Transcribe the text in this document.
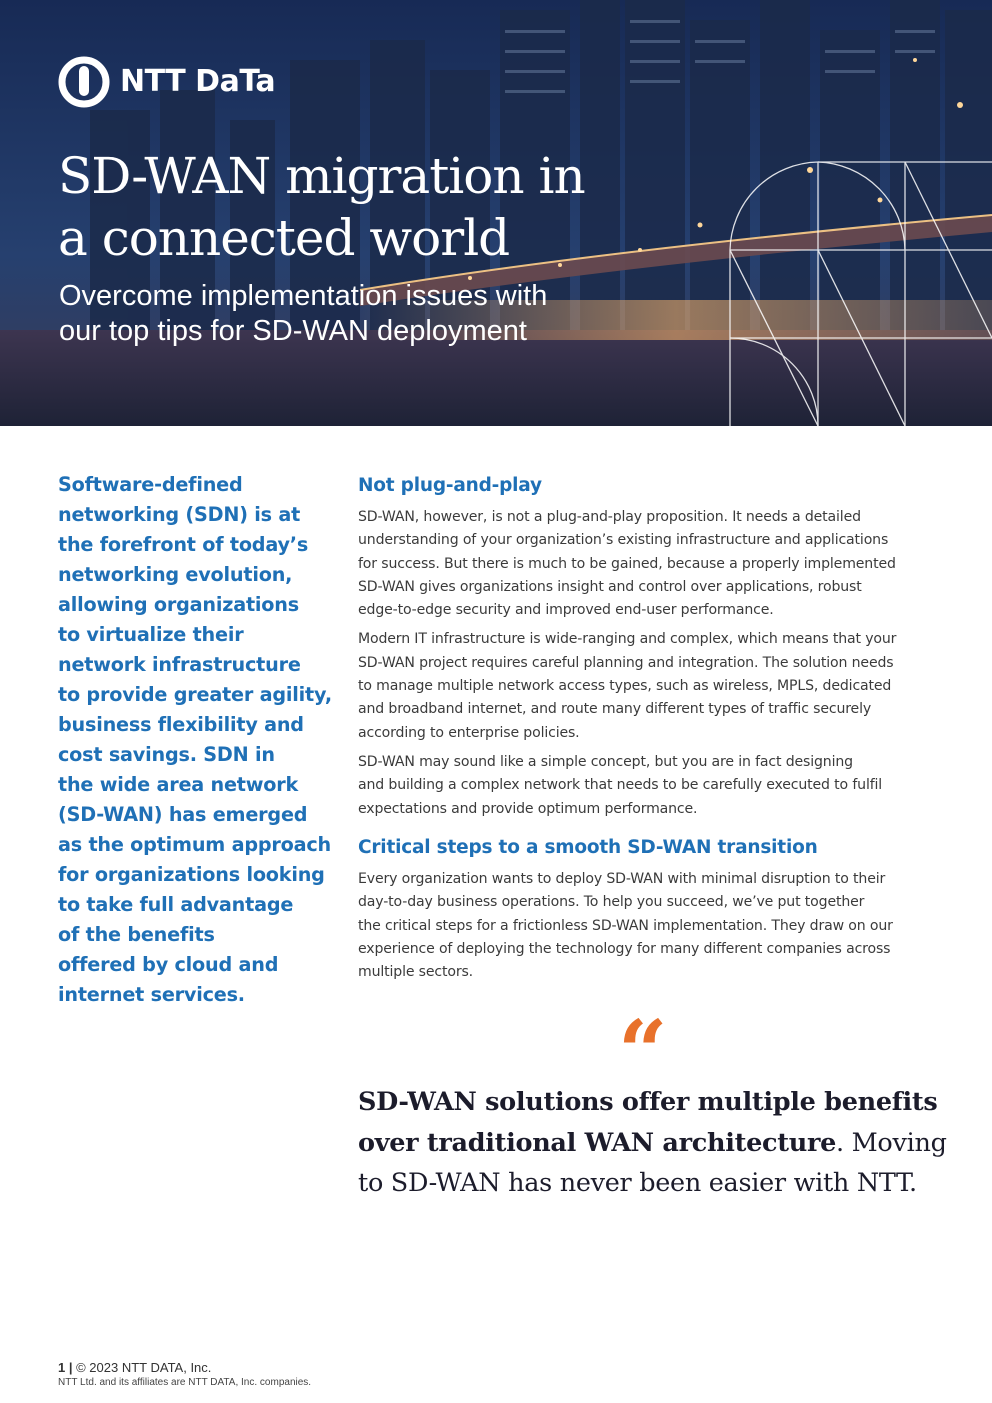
NTT DaTa
SD-WAN migration in
a connected world

Overcome implementation issues with
our top tips for SD-WAN deployment

Software-defined
networking (SDN) is at
the forefront of today’s
networking evolution,
allowing organizations
to virtualize their
network infrastructure
to provide greater agility,
business flexibility and
cost savings. SDN in
the wide area network
(SD-WAN) has emerged
as the optimum approach
for organizations looking
to take full advantage
of the benefits
offered by cloud and
internet services.
Not plug-and-play

SD-WAN, however, is not a plug-and-play proposition. It needs a detailed
understanding of your organization’s existing infrastructure and applications
for success. But there is much to be gained, because a properly implemented
SD-WAN gives organizations insight and control over applications, robust
edge-to-edge security and improved end-user performance.

Modern IT infrastructure is wide-ranging and complex, which means that your
SD-WAN project requires careful planning and integration. The solution needs
to manage multiple network access types, such as wireless, MPLS, dedicated
and broadband internet, and route many different types of traffic securely
according to enterprise policies.

SD-WAN may sound like a simple concept, but you are in fact designing
and building a complex network that needs to be carefully executed to fulfil
expectations and provide optimum performance.

Critical steps to a smooth SD-WAN transition

Every organization wants to deploy SD-WAN with minimal disruption to their
day-to-day business operations. To help you succeed, we’ve put together
the critical steps for a frictionless SD-WAN implementation. They draw on our
experience of deploying the technology for many different companies across
multiple sectors.

“
SD-WAN solutions offer multiple benefits
over traditional WAN architecture. Moving
to SD-WAN has never been easier with NTT.
1 | © 2023 NTT DATA, Inc.
NTT Ltd. and its affiliates are NTT DATA, Inc. companies.
